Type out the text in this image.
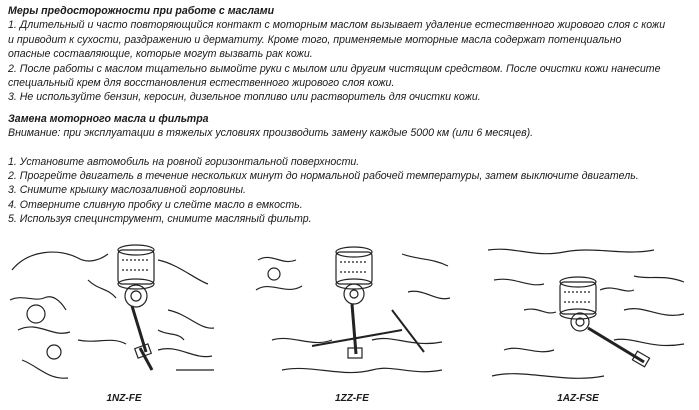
Меры предосторожности при работе с маслами

1. Длительный и часто повторяющийся контакт с моторным маслом вызывает удаление естественного жирового слоя с кожи

и приводит к сухости, раздражению и дерматиту. Кроме того, применяемые моторные масла содержат потенциально

опасные составляющие, которые могут вызвать рак кожи.

2. После работы с маслом тщательно вымойте руки с мылом или другим чистящим средством. После очистки кожи нанесите

специальный крем для восстановления естественного жирового слоя кожи.

3. Не используйте бензин, керосин, дизельное топливо или растворитель для очистки кожи.

Замена моторного масла и фильтра

Внимание: при эксплуатации в тяжелых условиях производить замену каждые 5000 км (или 6 месяцев).

1. Установите автомобиль на ровной горизонтальной поверхности.

2. Прогрейте двигатель в течение нескольких минут до нормальной рабочей температуры, затем выключите двигатель.

3. Снимите крышку маслозаливной горловины.

4. Отверните сливную пробку и слейте масло в емкость.

5. Используя специнструмент, снимите масляный фильтр.

1NZ-FE	1ZZ-FE	1AZ-FSE
